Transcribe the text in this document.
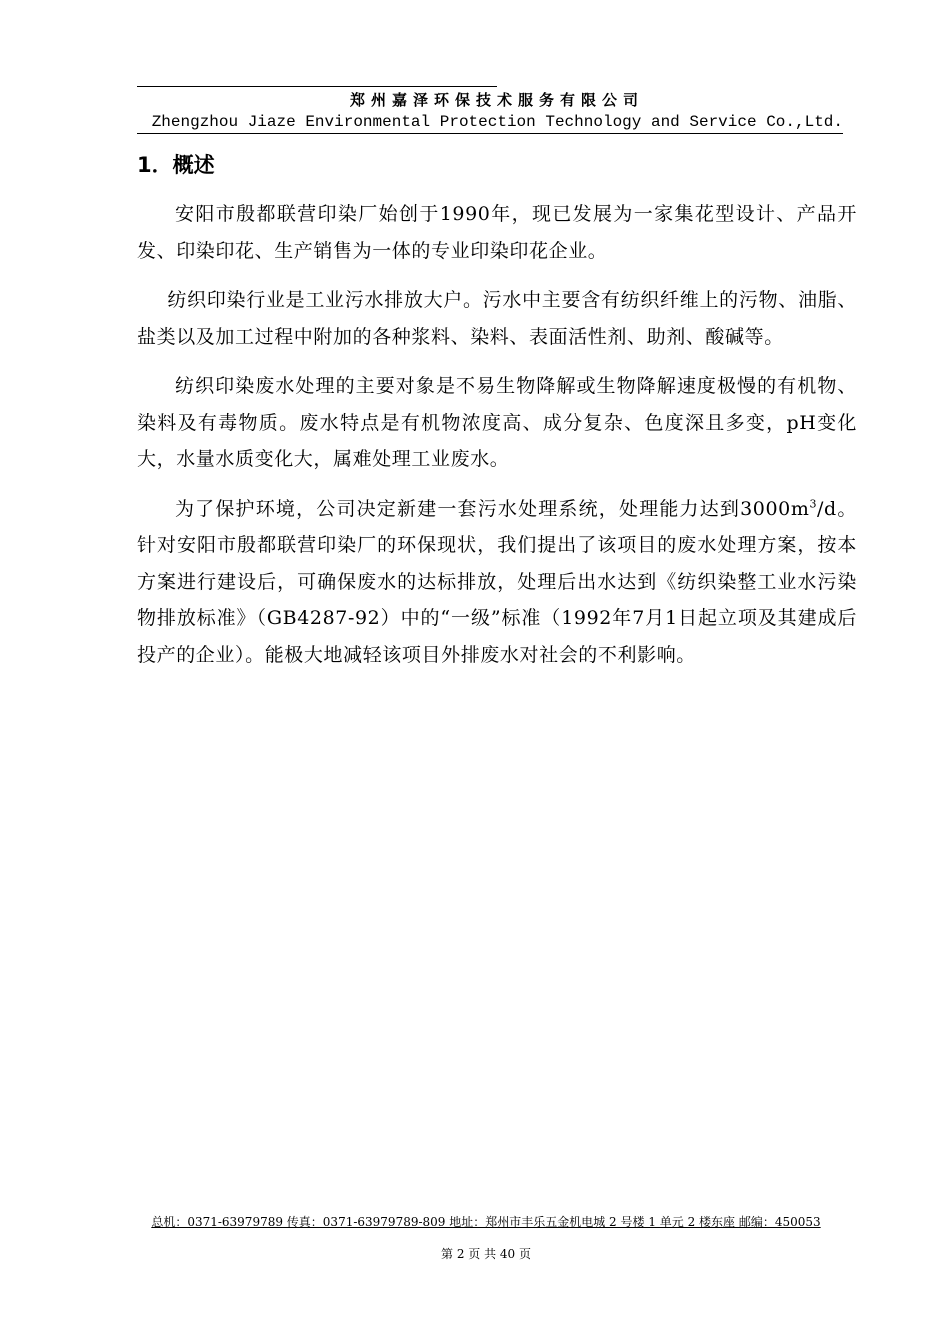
郑州嘉泽环保技术服务有限公司
Zhengzhou Jiaze Environmental Protection Technology and Service Co.,Ltd.
1．概述

安阳市殷都联营印染厂始创于1990年，现已发展为一家集花型设计、产品开发、印染印花、生产销售为一体的专业印染印花企业。

纺织印染行业是工业污水排放大户。污水中主要含有纺织纤维上的污物、油脂、盐类以及加工过程中附加的各种浆料、染料、表面活性剂、助剂、酸碱等。

纺织印染废水处理的主要对象是不易生物降解或生物降解速度极慢的有机物、染料及有毒物质。废水特点是有机物浓度高、成分复杂、色度深且多变，pH变化大，水量水质变化大，属难处理工业废水。

为了保护环境，公司决定新建一套污水处理系统，处理能力达到$3000m^3/d$。针对安阳市殷都联营印染厂的环保现状，我们提出了该项目的废水处理方案，按本方案进行建设后，可确保废水的达标排放，处理后出水达到《纺织染整工业水污染物排放标准》（GB4287-92）中的“一级”标准（1992年7月1日起立项及其建成后投产的企业）。能极大地减轻该项目外排废水对社会的不利影响。

总机：0371-63979789 传真：0371-63979789-809 地址：郑州市丰乐五金机电城 2 号楼 1 单元 2 楼东座 邮编：450053
第 2 页 共 40 页
